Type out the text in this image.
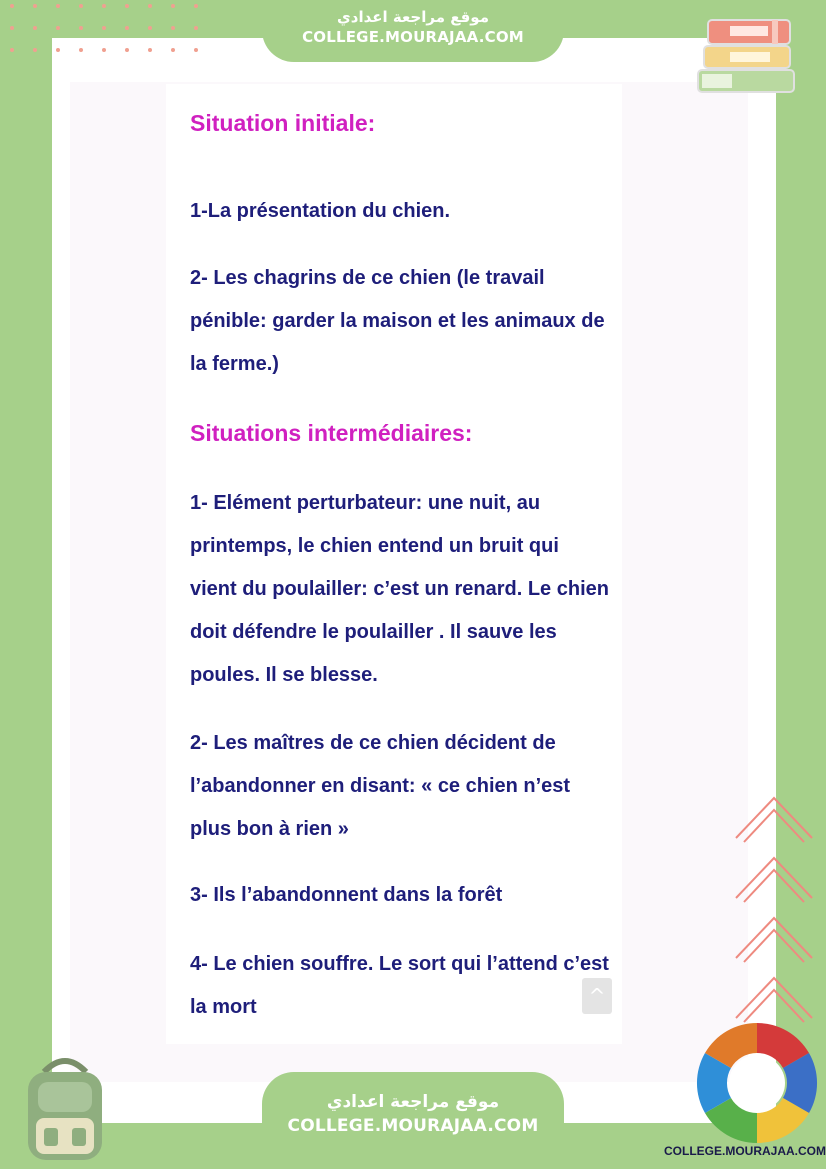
موقع مراجعة اعدادي
COLLEGE.MOURAJAA.COM
Situation initiale:

1-La présentation du chien.

2- Les chagrins de ce chien (le travail pénible: garder la maison et les animaux de la ferme.)

Situations intermédiaires:

1- Elément perturbateur: une nuit, au printemps, le chien entend un bruit qui vient du poulailler: c’est un renard. Le chien doit défendre le poulailler . Il sauve les poules. Il se blesse.

2- Les maîtres de ce chien décident de l’abandonner en disant: « ce chien n’est plus bon à rien »

3- Ils l’abandonnent dans la forêt

4- Le chien souffre. Le sort qui l’attend c’est la mort	^
موقع مراجعة اعدادي
COLLEGE.MOURAJAA.COM
COLLEGE.MOURAJAA.COM
